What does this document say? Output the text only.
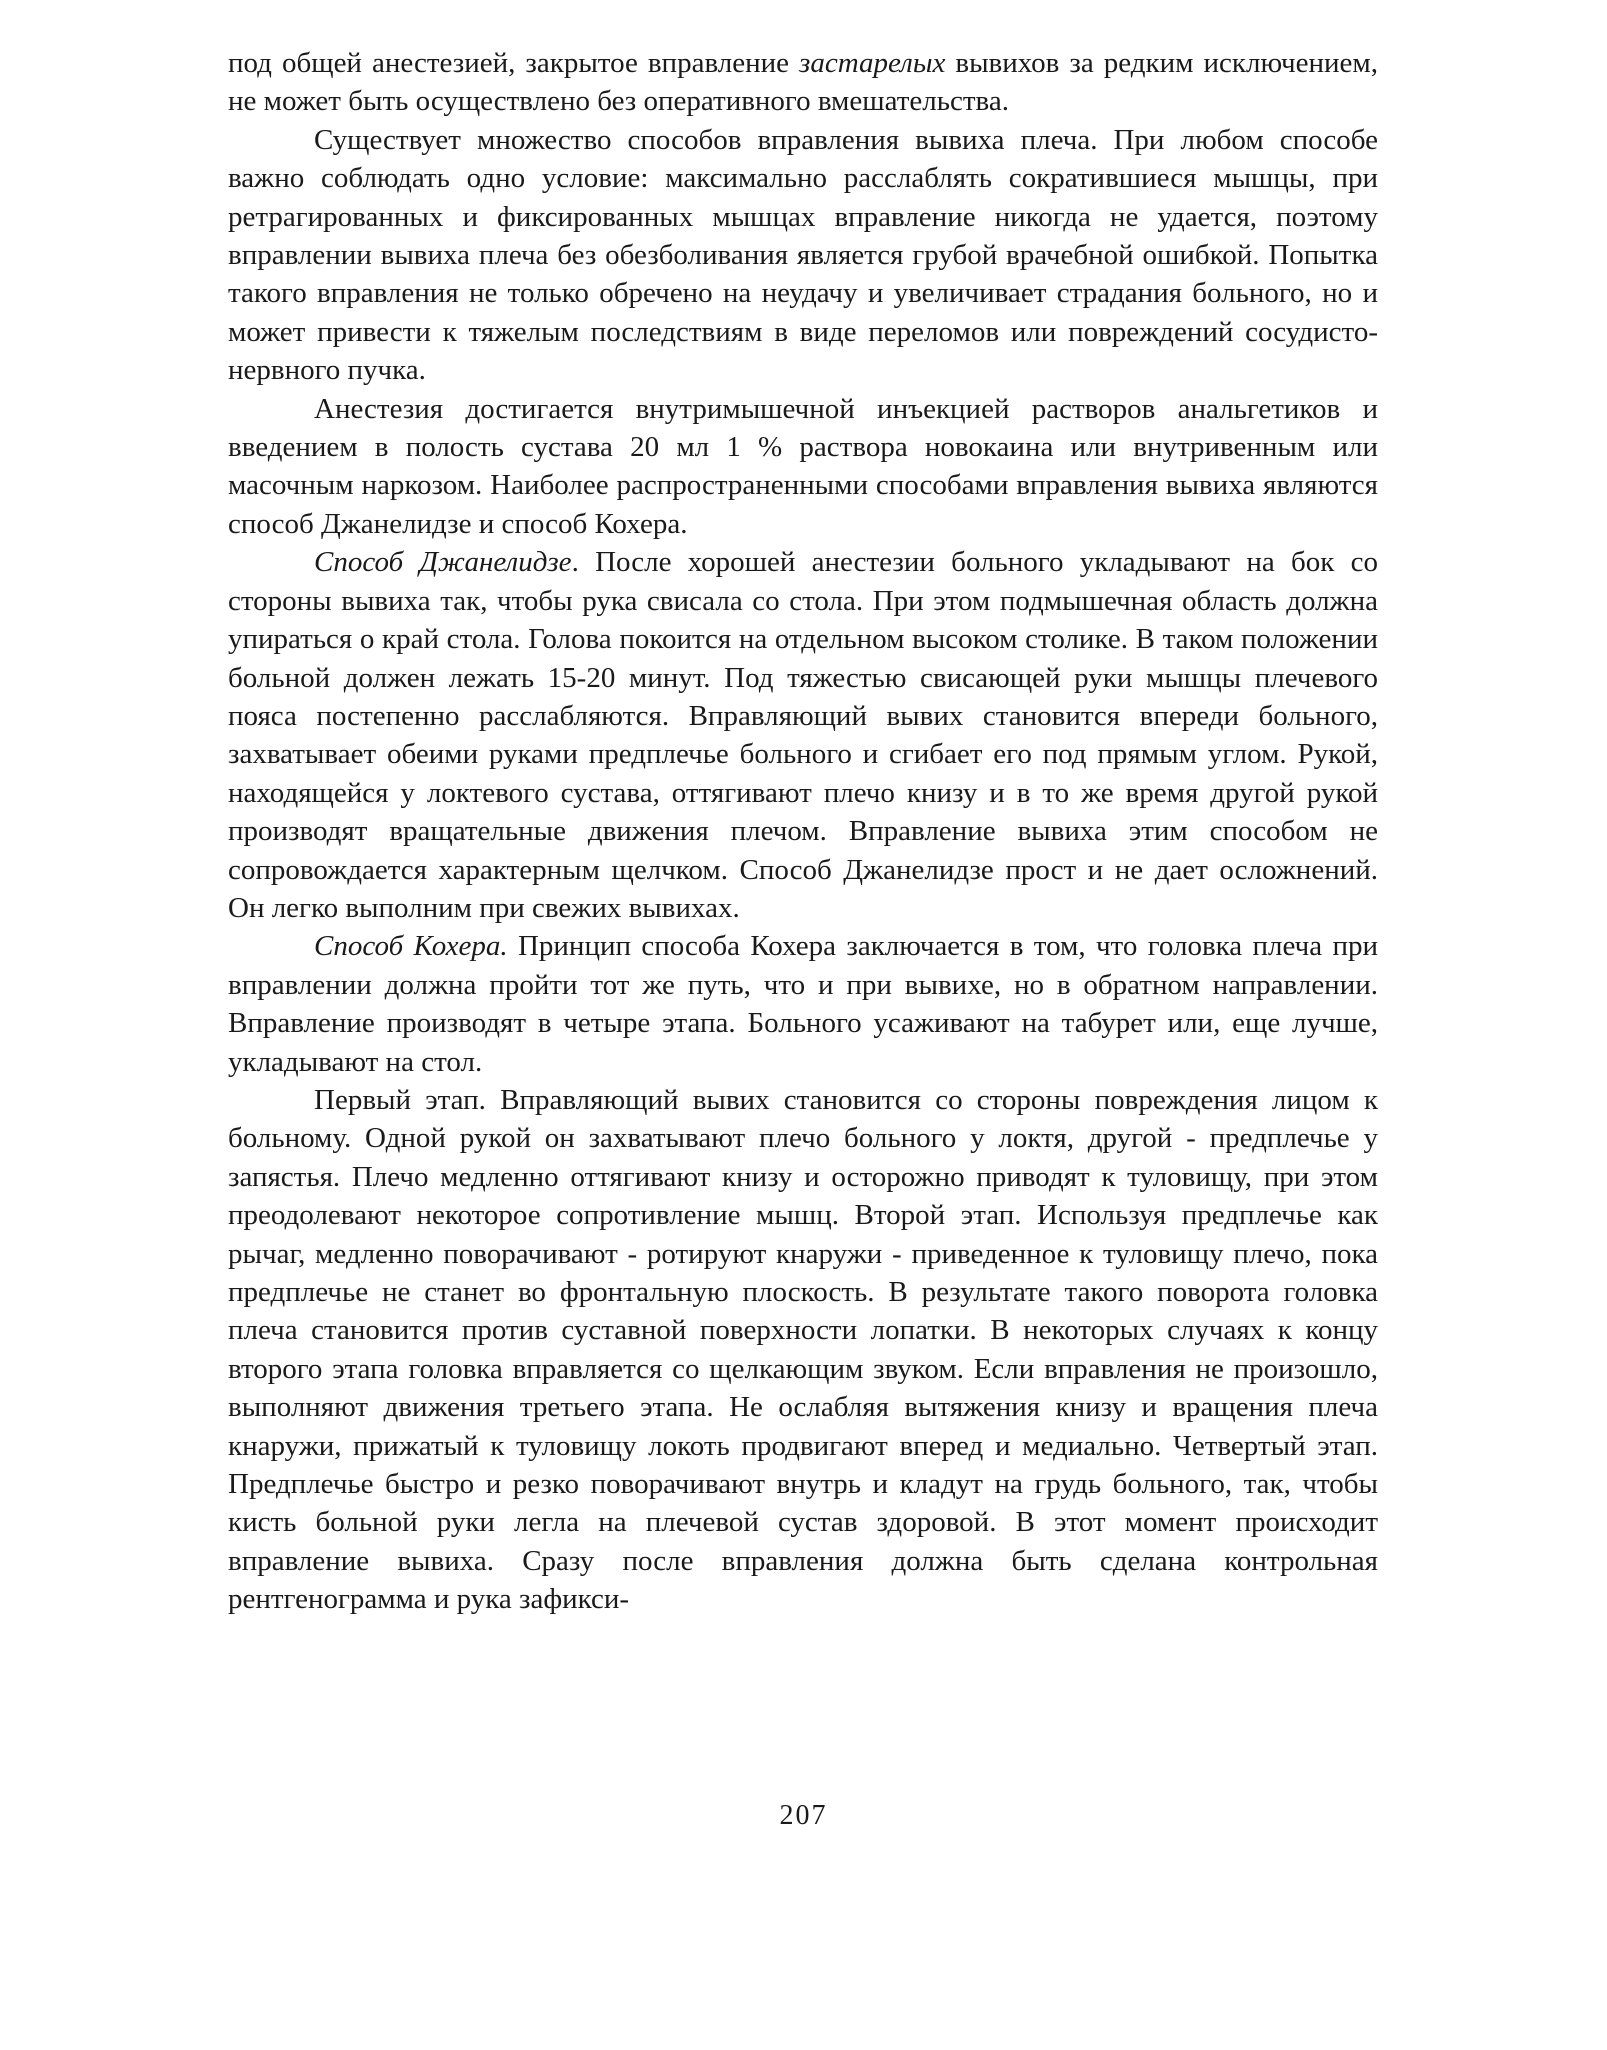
под общей анестезией, закрытое вправление застарелых вывихов за редким исключением, не может быть осуществлено без оперативного вмешательства.

Существует множество способов вправления вывиха плеча. При любом способе важно соблюдать одно условие: максимально расслаблять сократившиеся мышцы, при ретрагированных и фиксированных мышцах вправление никогда не удается, поэтому вправлении вывиха плеча без обезболивания является грубой врачебной ошибкой. Попытка такого вправления не только обречено на неудачу и увеличивает страдания больного, но и может привести к тяжелым последствиям в виде переломов или повреждений сосудисто-нервного пучка.

Анестезия достигается внутримышечной инъекцией растворов анальгетиков и введением в полость сустава 20 мл 1 % раствора новокаина или внутривенным или масочным наркозом. Наиболее распространенными способами вправления вывиха являются способ Джанелидзе и способ Кохера.

Способ Джанелидзе. После хорошей анестезии больного укладывают на бок со стороны вывиха так, чтобы рука свисала со стола. При этом подмышечная область должна упираться о край стола. Голова покоится на отдельном высоком столике. В таком положении больной должен лежать 15-20 минут. Под тяжестью свисающей руки мышцы плечевого пояса постепенно расслабляются. Вправляющий вывих становится впереди больного, захватывает обеими руками предплечье больного и сгибает его под прямым углом. Рукой, находящейся у локтевого сустава, оттягивают плечо книзу и в то же время другой рукой производят вращательные движения плечом. Вправление вывиха этим способом не сопровождается характерным щелчком. Способ Джанелидзе прост и не дает осложнений. Он легко выполним при свежих вывихах.

Способ Кохера. Принцип способа Кохера заключается в том, что головка плеча при вправлении должна пройти тот же путь, что и при вывихе, но в обратном направлении. Вправление производят в четыре этапа. Больного усаживают на табурет или, еще лучше, укладывают на стол.

Первый этап. Вправляющий вывих становится со стороны повреждения лицом к больному. Одной рукой он захватывают плечо больного у локтя, другой - предплечье у запястья. Плечо медленно оттягивают книзу и осторожно приводят к туловищу, при этом преодолевают некоторое сопротивление мышц. Второй этап. Используя предплечье как рычаг, медленно поворачивают - ротируют кнаружи - приведенное к туловищу плечо, пока предплечье не станет во фронтальную плоскость. В результате такого поворота головка плеча становится против суставной поверхности лопатки. В некоторых случаях к концу второго этапа головка вправляется со щелкающим звуком. Если вправления не произошло, выполняют движения третьего этапа. Не ослабляя вытяжения книзу и вращения плеча кнаружи, прижатый к туловищу локоть продвигают вперед и медиально. Четвертый этап. Предплечье быстро и резко поворачивают внутрь и кладут на грудь больного, так, чтобы кисть больной руки легла на плечевой сустав здоровой. В этот момент происходит вправление вывиха. Сразу после вправления должна быть сделана контрольная рентгенограмма и рука зафикси-

207
